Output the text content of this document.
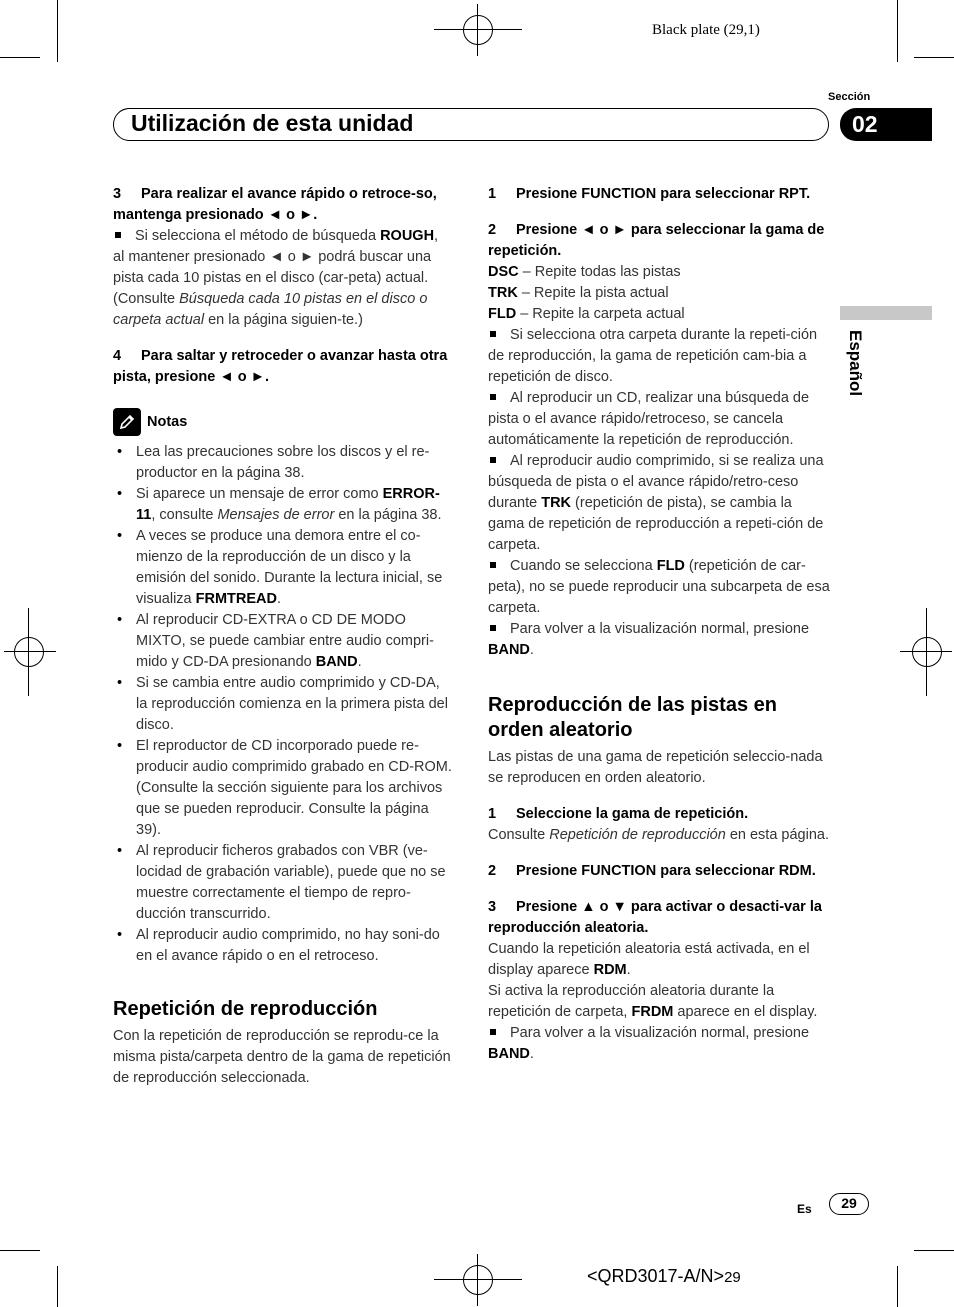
Black plate (29,1)
Sección
Utilización de esta unidad	02
Español

3 Para realizar el avance rápido o retroce-so, mantenga presionado ◄ o ►.

Si selecciona el método de búsqueda ROUGH, al mantener presionado ◄ o ► podrá buscar una pista cada 10 pistas en el disco (car-peta) actual. (Consulte Búsqueda cada 10 pistas en el disco o carpeta actual en la página siguien-te.)

4 Para saltar y retroceder o avanzar hasta otra pista, presione ◄ o ►.

Notas

• Lea las precauciones sobre los discos y el re-productor en la página 38.

• Si aparece un mensaje de error como ERROR-11, consulte Mensajes de error en la página 38.

• A veces se produce una demora entre el co-mienzo de la reproducción de un disco y la emisión del sonido. Durante la lectura inicial, se visualiza FRMTREAD.

• Al reproducir CD-EXTRA o CD DE MODO MIXTO, se puede cambiar entre audio compri-mido y CD-DA presionando BAND.

• Si se cambia entre audio comprimido y CD-DA, la reproducción comienza en la primera pista del disco.

• El reproductor de CD incorporado puede re-producir audio comprimido grabado en CD-ROM. (Consulte la sección siguiente para los archivos que se pueden reproducir. Consulte la página 39).

• Al reproducir ficheros grabados con VBR (ve-locidad de grabación variable), puede que no se muestre correctamente el tiempo de repro-ducción transcurrido.

• Al reproducir audio comprimido, no hay soni-do en el avance rápido o en el retroceso.

Repetición de reproducción

Con la repetición de reproducción se reprodu-ce la misma pista/carpeta dentro de la gama de repetición de reproducción seleccionada.

1 Presione FUNCTION para seleccionar RPT.

2 Presione ◄ o ► para seleccionar la gama de repetición.

DSC – Repite todas las pistas

TRK – Repite la pista actual

FLD – Repite la carpeta actual

Si selecciona otra carpeta durante la repeti-ción de reproducción, la gama de repetición cam-bia a repetición de disco.

Al reproducir un CD, realizar una búsqueda de pista o el avance rápido/retroceso, se cancela automáticamente la repetición de reproducción.

Al reproducir audio comprimido, si se realiza una búsqueda de pista o el avance rápido/retro-ceso durante TRK (repetición de pista), se cambia la gama de repetición de reproducción a repeti-ción de carpeta.

Cuando se selecciona FLD (repetición de car-peta), no se puede reproducir una subcarpeta de esa carpeta.

Para volver a la visualización normal, presione BAND.

Reproducción de las pistas en orden aleatorio

Las pistas de una gama de repetición seleccio-nada se reproducen en orden aleatorio.

1 Seleccione la gama de repetición.

Consulte Repetición de reproducción en esta página.

2 Presione FUNCTION para seleccionar RDM.

3 Presione ▲ o ▼ para activar o desacti-var la reproducción aleatoria.

Cuando la repetición aleatoria está activada, en el display aparece RDM.

Si activa la reproducción aleatoria durante la repetición de carpeta, FRDM aparece en el display.

Para volver a la visualización normal, presione BAND.

Es	29
<QRD3017-A/N>29
